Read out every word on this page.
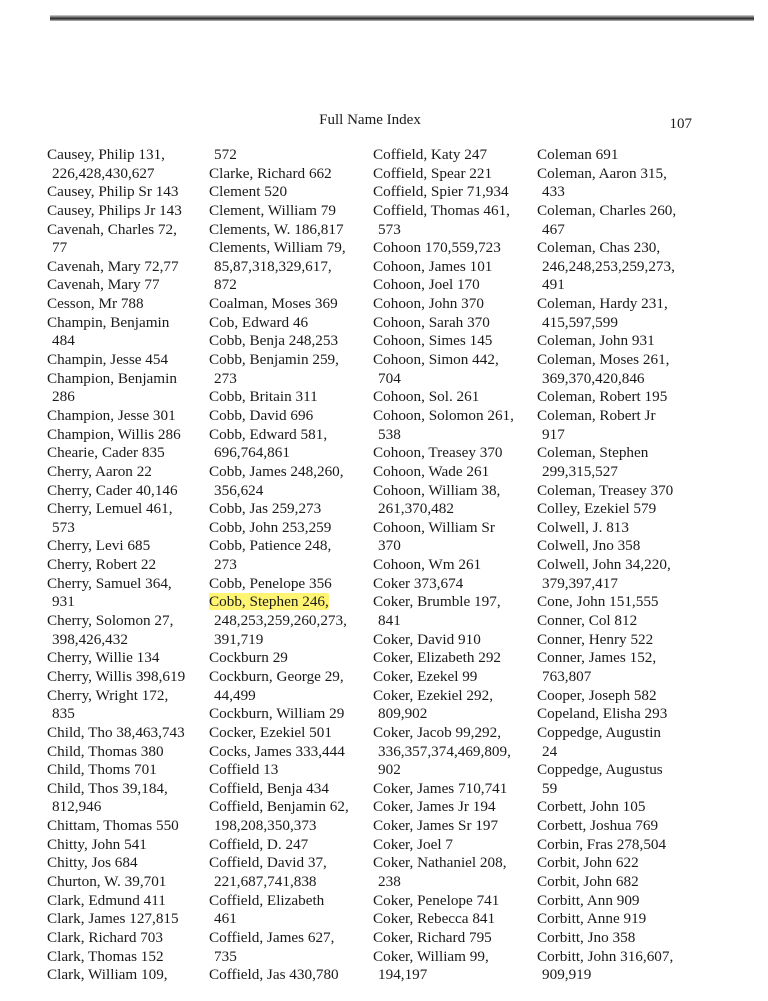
Full Name Index	107
Causey, Philip 131,
226,428,430,627
Causey, Philip Sr 143
Causey, Philips Jr 143
Cavenah, Charles 72,
77
Cavenah, Mary 72,77
Cavenah, Mary 77
Cesson, Mr 788
Champin, Benjamin
484
Champin, Jesse 454
Champion, Benjamin
286
Champion, Jesse 301
Champion, Willis 286
Chearie, Cader 835
Cherry, Aaron 22
Cherry, Cader 40,146
Cherry, Lemuel 461,
573
Cherry, Levi 685
Cherry, Robert 22
Cherry, Samuel 364,
931
Cherry, Solomon 27,
398,426,432
Cherry, Willie 134
Cherry, Willis 398,619
Cherry, Wright 172,
835
Child, Tho 38,463,743
Child, Thomas 380
Child, Thoms 701
Child, Thos 39,184,
812,946
Chittam, Thomas 550
Chitty, John 541
Chitty, Jos 684
Churton, W. 39,701
Clark, Edmund 411
Clark, James 127,815
Clark, Richard 703
Clark, Thomas 152
Clark, William 109,
572
Clarke, Richard 662
Clement 520
Clement, William 79
Clements, W. 186,817
Clements, William 79,
85,87,318,329,617,
872
Coalman, Moses 369
Cob, Edward 46
Cobb, Benja 248,253
Cobb, Benjamin 259,
273
Cobb, Britain 311
Cobb, David 696
Cobb, Edward 581,
696,764,861
Cobb, James 248,260,
356,624
Cobb, Jas 259,273
Cobb, John 253,259
Cobb, Patience 248,
273
Cobb, Penelope 356
Cobb, Stephen 246,
248,253,259,260,273,
391,719
Cockburn 29
Cockburn, George 29,
44,499
Cockburn, William 29
Cocker, Ezekiel 501
Cocks, James 333,444
Coffield 13
Coffield, Benja 434
Coffield, Benjamin 62,
198,208,350,373
Coffield, D. 247
Coffield, David 37,
221,687,741,838
Coffield, Elizabeth
461
Coffield, James 627,
735
Coffield, Jas 430,780
Coffield, Katy 247
Coffield, Spear 221
Coffield, Spier 71,934
Coffield, Thomas 461,
573
Cohoon 170,559,723
Cohoon, James 101
Cohoon, Joel 170
Cohoon, John 370
Cohoon, Sarah 370
Cohoon, Simes 145
Cohoon, Simon 442,
704
Cohoon, Sol. 261
Cohoon, Solomon 261,
538
Cohoon, Treasey 370
Cohoon, Wade 261
Cohoon, William 38,
261,370,482
Cohoon, William Sr
370
Cohoon, Wm 261
Coker 373,674
Coker, Brumble 197,
841
Coker, David 910
Coker, Elizabeth 292
Coker, Ezekel 99
Coker, Ezekiel 292,
809,902
Coker, Jacob 99,292,
336,357,374,469,809,
902
Coker, James 710,741
Coker, James Jr 194
Coker, James Sr 197
Coker, Joel 7
Coker, Nathaniel 208,
238
Coker, Penelope 741
Coker, Rebecca 841
Coker, Richard 795
Coker, William 99,
194,197
Coleman 691
Coleman, Aaron 315,
433
Coleman, Charles 260,
467
Coleman, Chas 230,
246,248,253,259,273,
491
Coleman, Hardy 231,
415,597,599
Coleman, John 931
Coleman, Moses 261,
369,370,420,846
Coleman, Robert 195
Coleman, Robert Jr
917
Coleman, Stephen
299,315,527
Coleman, Treasey 370
Colley, Ezekiel 579
Colwell, J. 813
Colwell, Jno 358
Colwell, John 34,220,
379,397,417
Cone, John 151,555
Conner, Col 812
Conner, Henry 522
Conner, James 152,
763,807
Cooper, Joseph 582
Copeland, Elisha 293
Coppedge, Augustin
24
Coppedge, Augustus
59
Corbett, John 105
Corbett, Joshua 769
Corbin, Fras 278,504
Corbit, John 622
Corbit, John 682
Corbitt, Ann 909
Corbitt, Anne 919
Corbitt, Jno 358
Corbitt, John 316,607,
909,919
